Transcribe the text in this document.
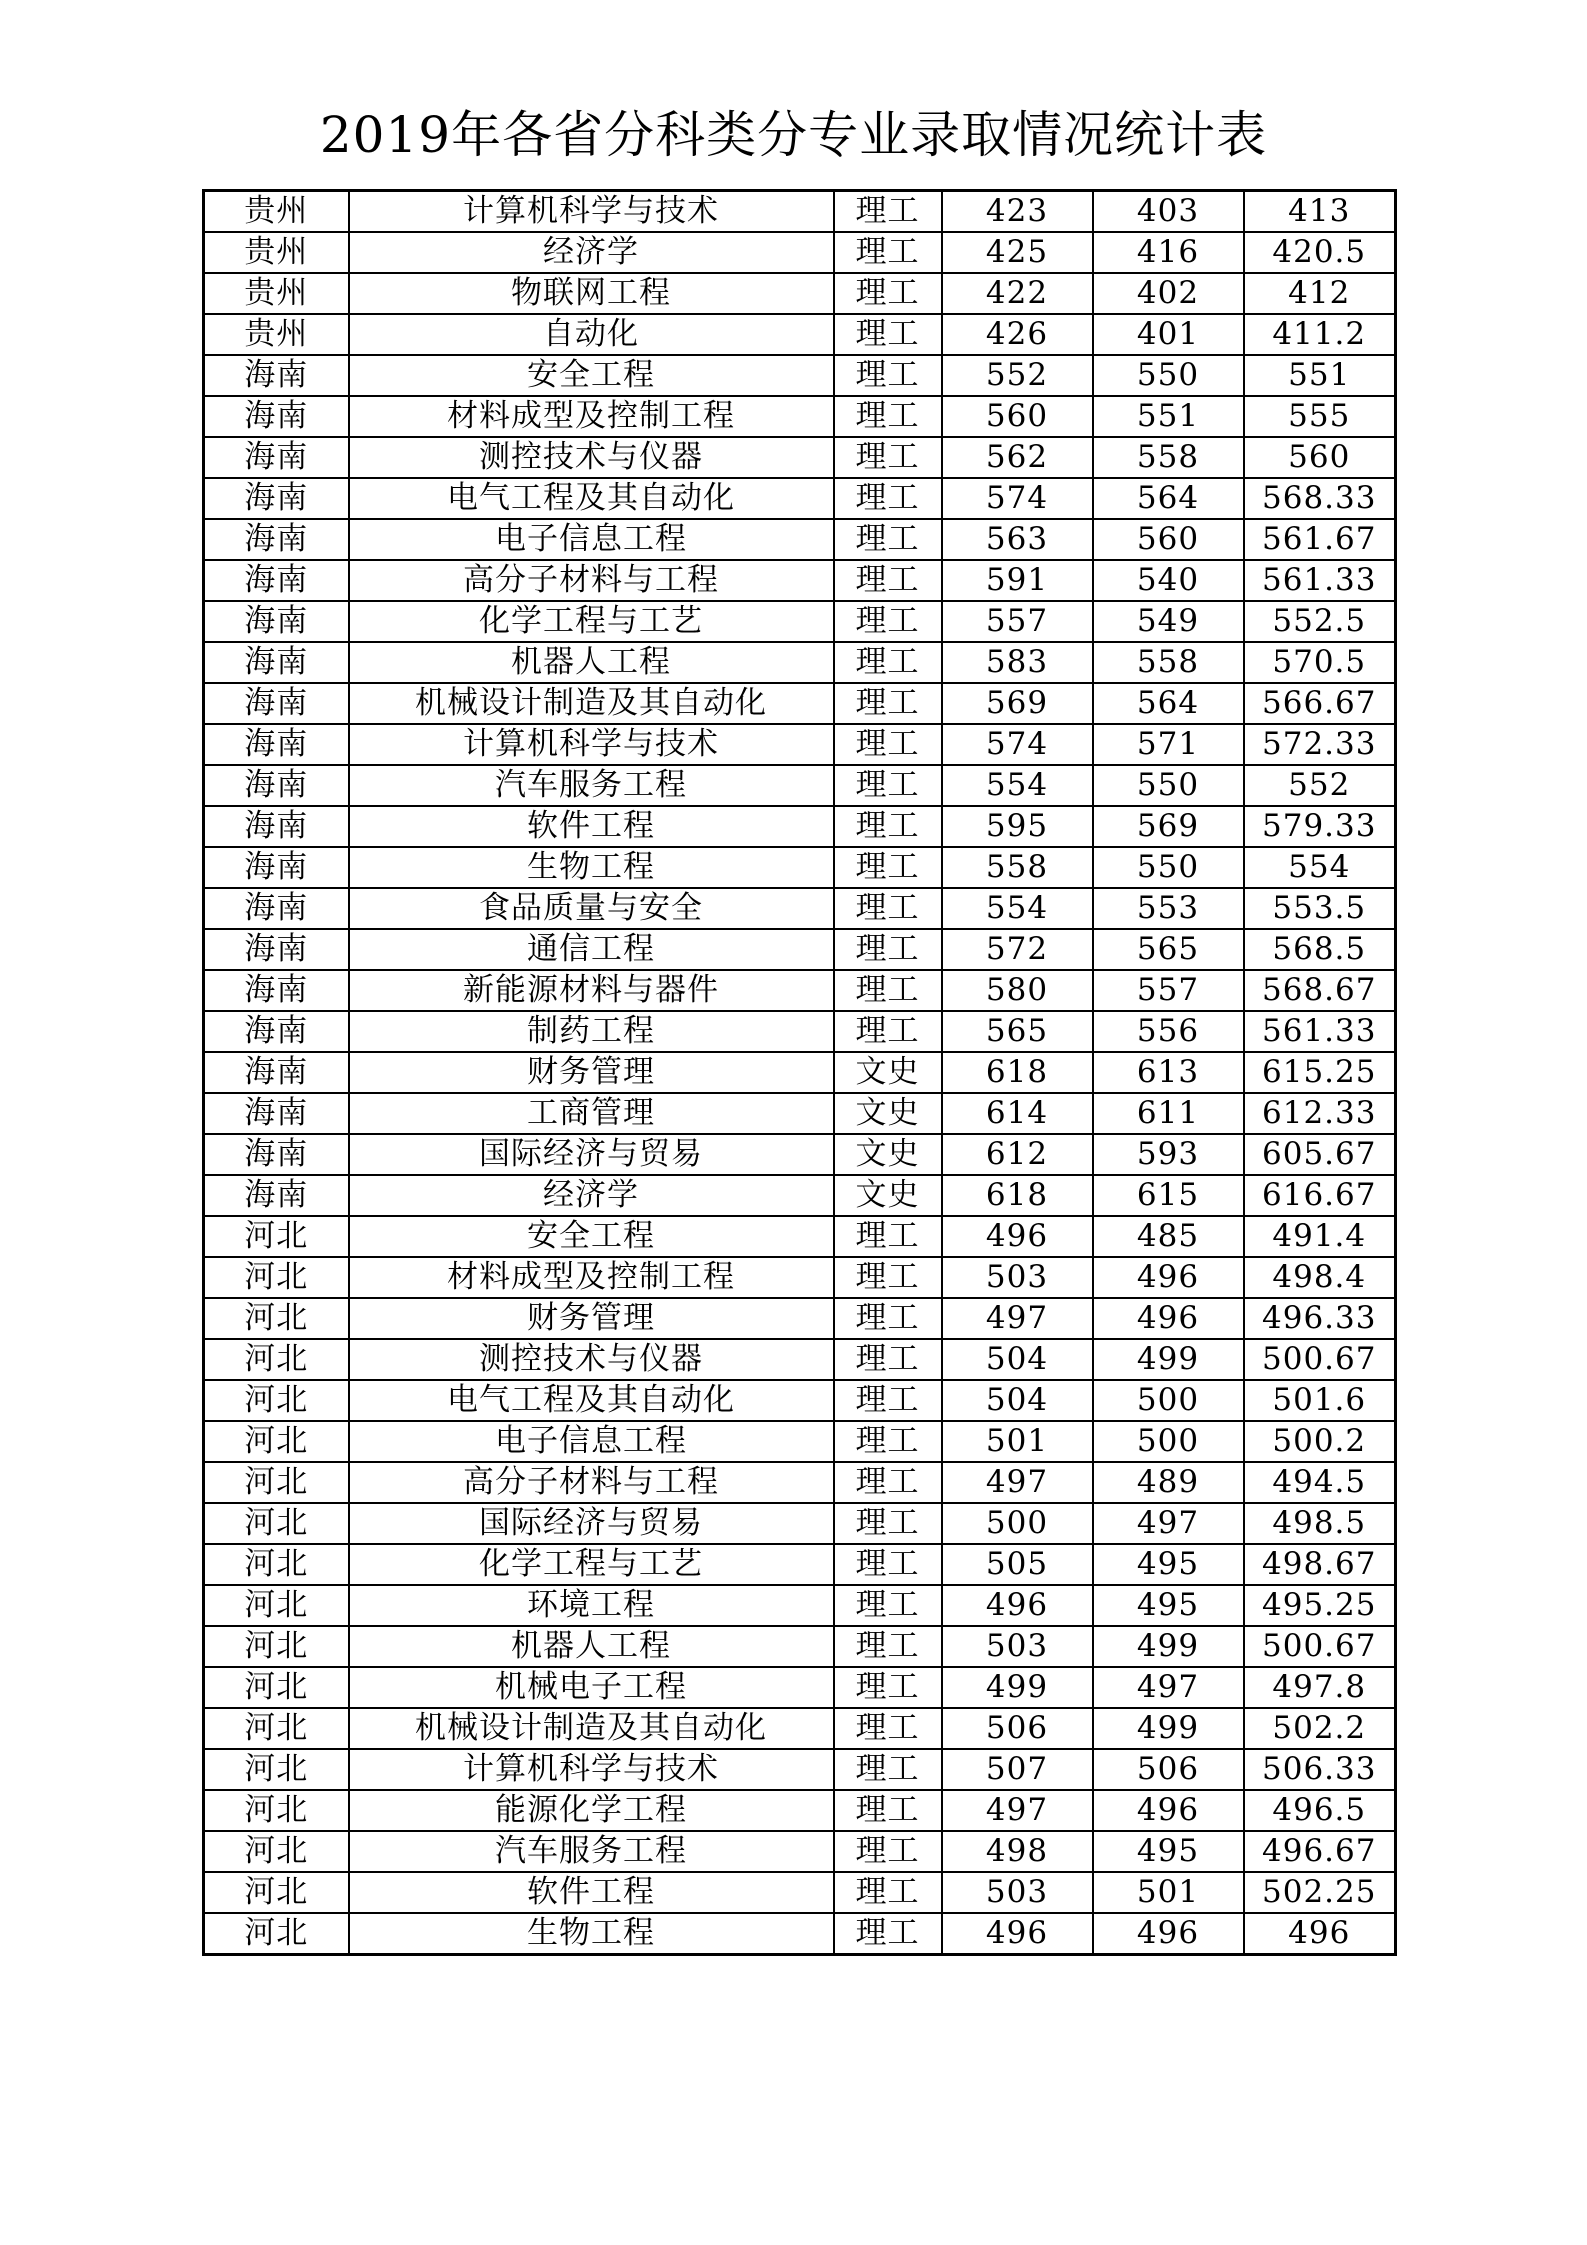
2019年各省分科类分专业录取情况统计表
贵州	计算机科学与技术	理工	423	403	413
贵州	经济学	理工	425	416	420.5
贵州	物联网工程	理工	422	402	412
贵州	自动化	理工	426	401	411.2
海南	安全工程	理工	552	550	551
海南	材料成型及控制工程	理工	560	551	555
海南	测控技术与仪器	理工	562	558	560
海南	电气工程及其自动化	理工	574	564	568.33
海南	电子信息工程	理工	563	560	561.67
海南	高分子材料与工程	理工	591	540	561.33
海南	化学工程与工艺	理工	557	549	552.5
海南	机器人工程	理工	583	558	570.5
海南	机械设计制造及其自动化	理工	569	564	566.67
海南	计算机科学与技术	理工	574	571	572.33
海南	汽车服务工程	理工	554	550	552
海南	软件工程	理工	595	569	579.33
海南	生物工程	理工	558	550	554
海南	食品质量与安全	理工	554	553	553.5
海南	通信工程	理工	572	565	568.5
海南	新能源材料与器件	理工	580	557	568.67
海南	制药工程	理工	565	556	561.33
海南	财务管理	文史	618	613	615.25
海南	工商管理	文史	614	611	612.33
海南	国际经济与贸易	文史	612	593	605.67
海南	经济学	文史	618	615	616.67
河北	安全工程	理工	496	485	491.4
河北	材料成型及控制工程	理工	503	496	498.4
河北	财务管理	理工	497	496	496.33
河北	测控技术与仪器	理工	504	499	500.67
河北	电气工程及其自动化	理工	504	500	501.6
河北	电子信息工程	理工	501	500	500.2
河北	高分子材料与工程	理工	497	489	494.5
河北	国际经济与贸易	理工	500	497	498.5
河北	化学工程与工艺	理工	505	495	498.67
河北	环境工程	理工	496	495	495.25
河北	机器人工程	理工	503	499	500.67
河北	机械电子工程	理工	499	497	497.8
河北	机械设计制造及其自动化	理工	506	499	502.2
河北	计算机科学与技术	理工	507	506	506.33
河北	能源化学工程	理工	497	496	496.5
河北	汽车服务工程	理工	498	495	496.67
河北	软件工程	理工	503	501	502.25
河北	生物工程	理工	496	496	496
